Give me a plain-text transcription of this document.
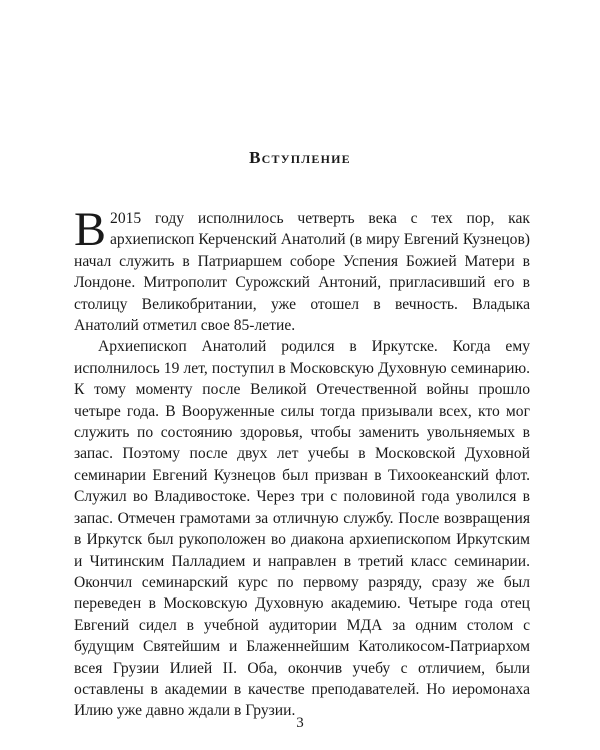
Вступление

В 2015 году исполнилось четверть века с тех пор, как архиепископ Керченский Анатолий (в миру Евгений Кузнецов) начал служить в Патриаршем соборе Успения Божией Матери в Лондоне. Митрополит Сурожский Антоний, пригласивший его в столицу Великобритании, уже отошел в вечность. Владыка Анатолий отметил свое 85-летие.

Архиепископ Анатолий родился в Иркутске. Когда ему исполнилось 19 лет, поступил в Московскую Духовную семинарию. К тому моменту после Великой Отечественной войны прошло четыре года. В Вооруженные силы тогда призывали всех, кто мог служить по состоянию здоровья, чтобы заменить увольняемых в запас. Поэтому после двух лет учебы в Московской Духовной семинарии Евгений Кузнецов был призван в Тихоокеанский флот. Служил во Владивостоке. Через три с половиной года уволился в запас. Отмечен грамотами за отличную службу. После возвращения в Иркутск был рукоположен во диакона архиепископом Иркутским и Читинским Палладием и направлен в третий класс семинарии. Окончил семинарский курс по первому разряду, сразу же был переведен в Московскую Духовную академию. Четыре года отец Евгений сидел в учебной аудитории МДА за одним столом с будущим Святейшим и Блаженнейшим Католикосом-Патриархом всея Грузии Илией II. Оба, окончив учебу с отличием, были оставлены в академии в качестве преподавателей. Но иеромонаха Илию уже давно ждали в Грузии.

3
